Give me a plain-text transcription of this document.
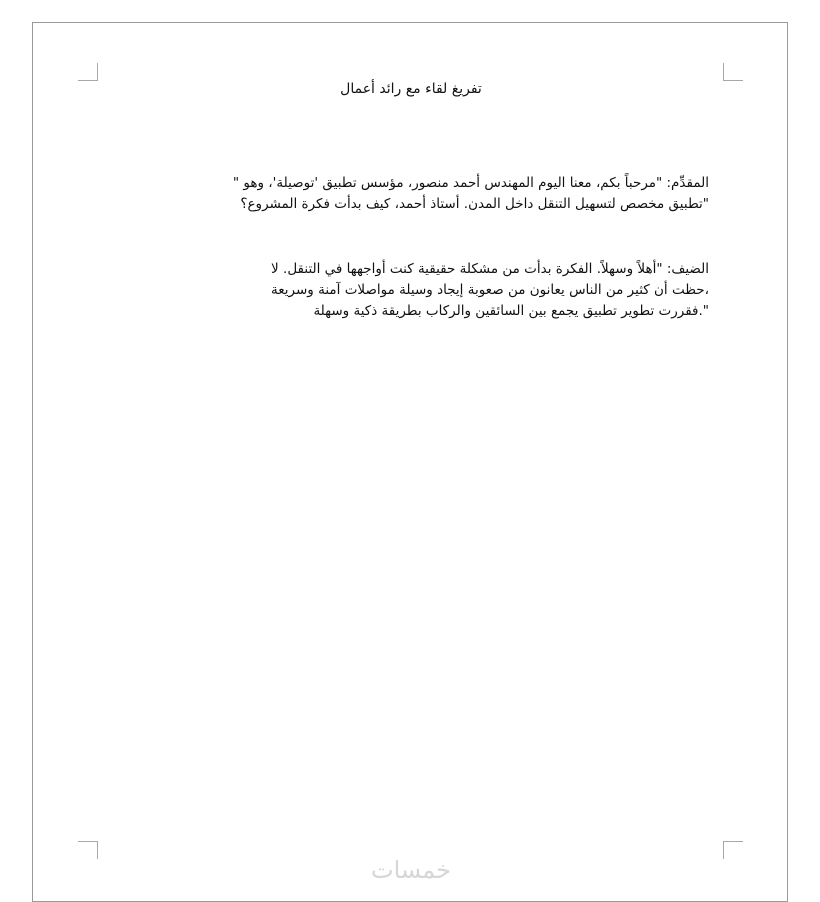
تفريغ لقاء مع رائد أعمال
المقدِّم: "مرحباً بكم، معنا اليوم المهندس أحمد منصور، مؤسس تطبيق 'توصيلة'، وهو "
"تطبيق مخصص لتسهيل التنقل داخل المدن. أستاذ أحمد، كيف بدأت فكرة المشروع؟
الضيف: "أهلاً وسهلاً. الفكرة بدأت من مشكلة حقيقية كنت أواجهها في التنقل. لا
،حظت أن كثير من الناس يعانون من صعوبة إيجاد وسيلة مواصلات آمنة وسريعة
".فقررت تطوير تطبيق يجمع بين السائقين والركاب بطريقة ذكية وسهلة
خمسات
